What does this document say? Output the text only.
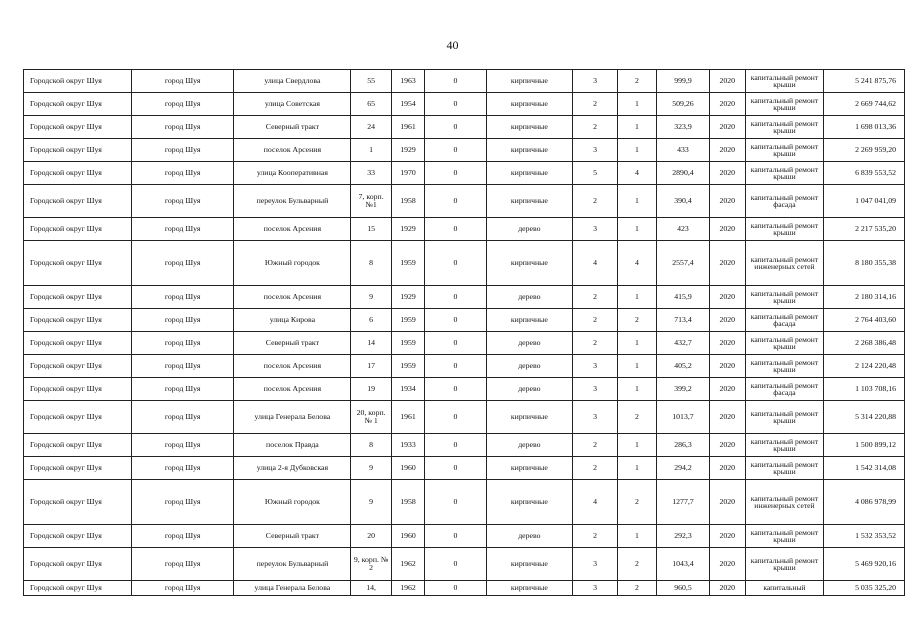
40
Городской округ Шуя	город Шуя	улица Свердлова	55	1963	0	кирпичные	3	2	999,9	2020	капитальный ремонт крыши	5 241 875,76
Городской округ Шуя	город Шуя	улица Советская	65	1954	0	кирпичные	2	1	509,26	2020	капитальный ремонт крыши	2 669 744,62
Городской округ Шуя	город Шуя	Северный тракт	24	1961	0	кирпичные	2	1	323,9	2020	капитальный ремонт крыши	1 698 013,36
Городской округ Шуя	город Шуя	поселок Арсения	1	1929	0	кирпичные	3	1	433	2020	капитальный ремонт крыши	2 269 959,20
Городской округ Шуя	город Шуя	улица Кооперативная	33	1970	0	кирпичные	5	4	2890,4	2020	капитальный ремонт крыши	6 839 553,52
Городской округ Шуя	город Шуя	переулок Бульварный	7, корп. №1	1958	0	кирпичные	2	1	390,4	2020	капитальный ремонт фасада	1 047 041,09
Городской округ Шуя	город Шуя	поселок Арсения	15	1929	0	дерево	3	1	423	2020	капитальный ремонт крыши	2 217 535,20
Городской округ Шуя	город Шуя	Южный городок	8	1959	0	кирпичные	4	4	2557,4	2020	капитальный ремонт инженерных сетей	8 180 355,38
Городской округ Шуя	город Шуя	поселок Арсения	9	1929	0	дерево	2	1	415,9	2020	капитальный ремонт крыши	2 180 314,16
Городской округ Шуя	город Шуя	улица Кирова	6	1959	0	кирпичные	2	2	713,4	2020	капитальный ремонт фасада	2 764 403,60
Городской округ Шуя	город Шуя	Северный тракт	14	1959	0	дерево	2	1	432,7	2020	капитальный ремонт крыши	2 268 386,48
Городской округ Шуя	город Шуя	поселок Арсения	17	1959	0	дерево	3	1	405,2	2020	капитальный ремонт крыши	2 124 220,48
Городской округ Шуя	город Шуя	поселок Арсения	19	1934	0	дерево	3	1	399,2	2020	капитальный ремонт фасада	1 103 708,16
Городской округ Шуя	город Шуя	улица Генерала Белова	20, корп. № 1	1961	0	кирпичные	3	2	1013,7	2020	капитальный ремонт крыши	5 314 220,88
Городской округ Шуя	город Шуя	поселок Правда	8	1933	0	дерево	2	1	286,3	2020	капитальный ремонт крыши	1 500 899,12
Городской округ Шуя	город Шуя	улица 2-я Дубковская	9	1960	0	кирпичные	2	1	294,2	2020	капитальный ремонт крыши	1 542 314,08
Городской округ Шуя	город Шуя	Южный городок	9	1958	0	кирпичные	4	2	1277,7	2020	капитальный ремонт инженерных сетей	4 086 978,99
Городской округ Шуя	город Шуя	Северный тракт	20	1960	0	дерево	2	1	292,3	2020	капитальный ремонт крыши	1 532 353,52
Городской округ Шуя	город Шуя	переулок Бульварный	9, корп. № 2	1962	0	кирпичные	3	2	1043,4	2020	капитальный ремонт крыши	5 469 920,16
Городской округ Шуя	город Шуя	улица Генерала Белова	14,	1962	0	кирпичные	3	2	960,5	2020	капитальный	5 035 325,20
